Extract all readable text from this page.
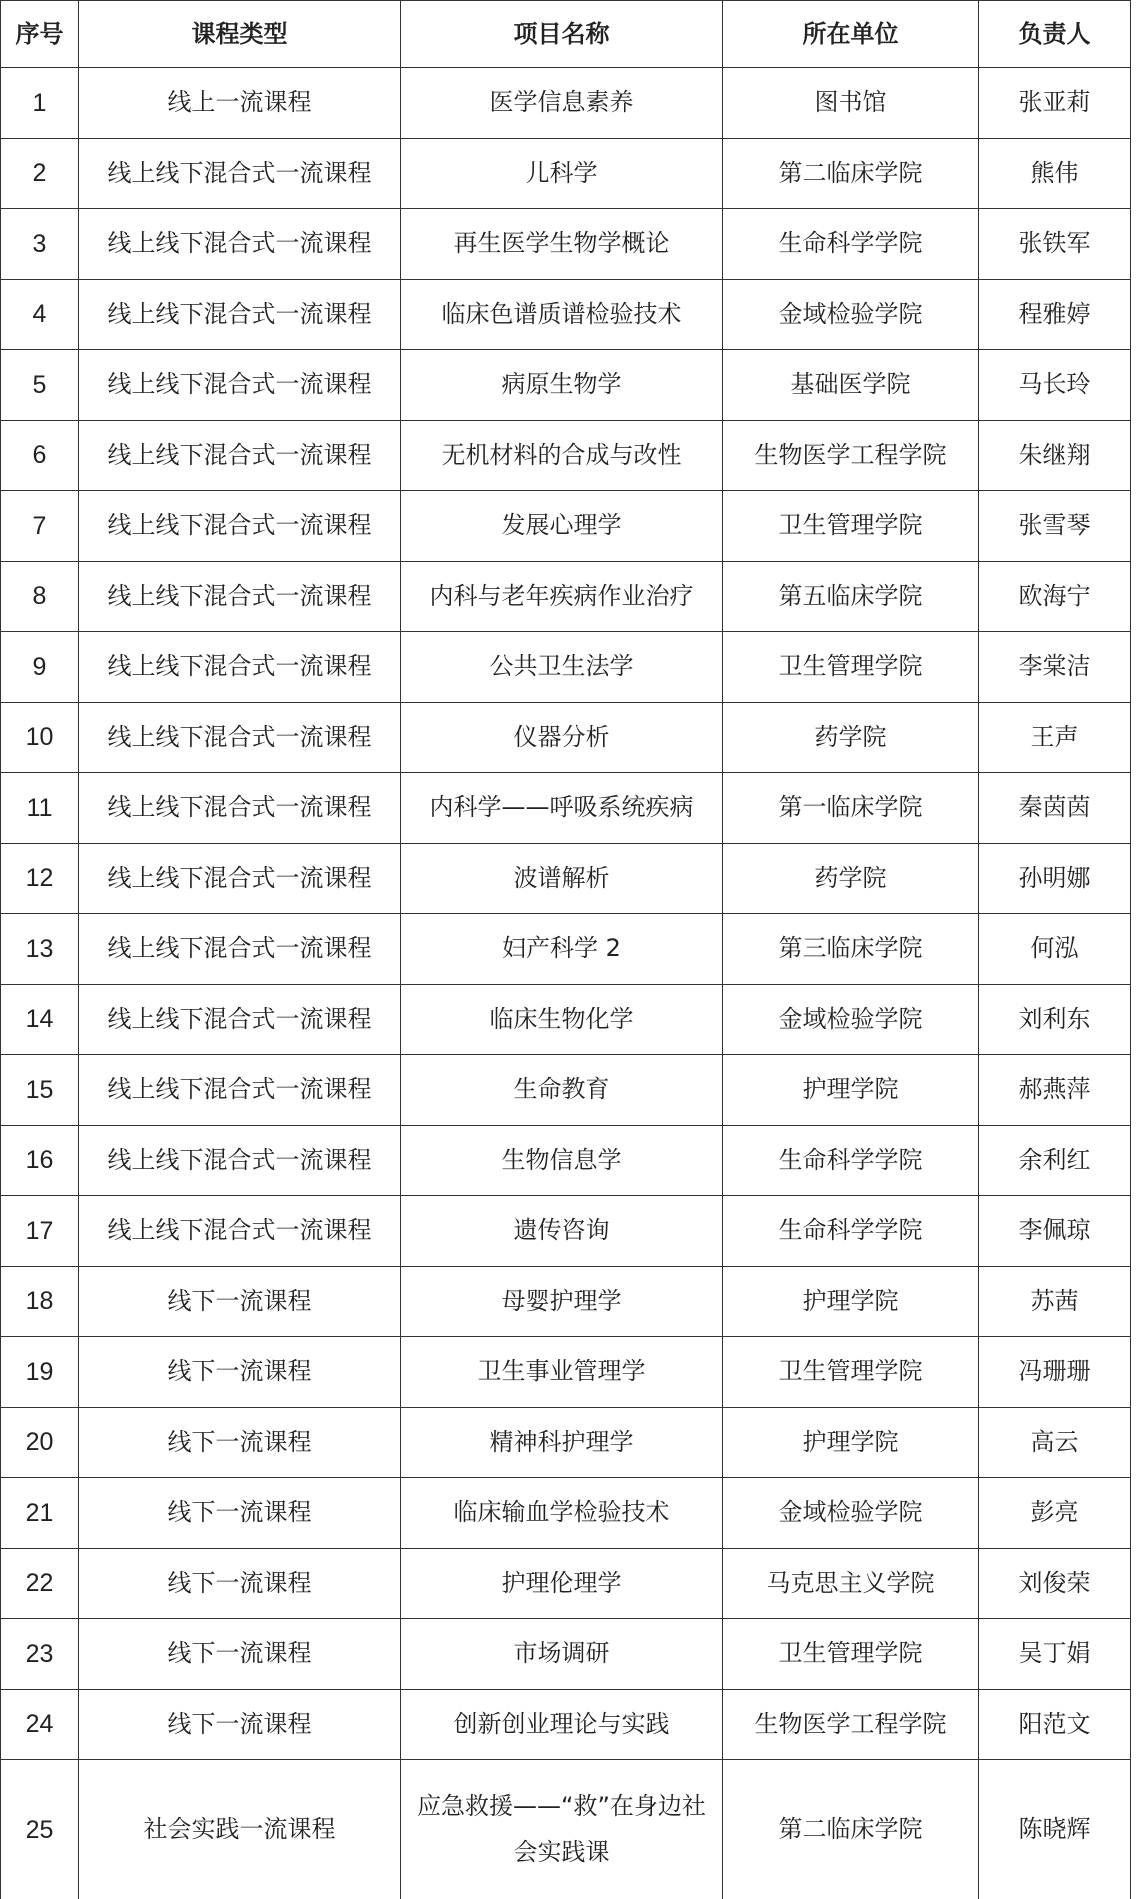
序号	课程类型	项目名称	所在单位	负责人
1	线上一流课程	医学信息素养	图书馆	张亚莉
2	线上线下混合式一流课程	儿科学	第二临床学院	熊伟
3	线上线下混合式一流课程	再生医学生物学概论	生命科学学院	张铁军
4	线上线下混合式一流课程	临床色谱质谱检验技术	金域检验学院	程雅婷
5	线上线下混合式一流课程	病原生物学	基础医学院	马长玲
6	线上线下混合式一流课程	无机材料的合成与改性	生物医学工程学院	朱继翔
7	线上线下混合式一流课程	发展心理学	卫生管理学院	张雪琴
8	线上线下混合式一流课程	内科与老年疾病作业治疗	第五临床学院	欧海宁
9	线上线下混合式一流课程	公共卫生法学	卫生管理学院	李棠洁
10	线上线下混合式一流课程	仪器分析	药学院	王声
11	线上线下混合式一流课程	内科学——呼吸系统疾病	第一临床学院	秦茵茵
12	线上线下混合式一流课程	波谱解析	药学院	孙明娜
13	线上线下混合式一流课程	妇产科学 2	第三临床学院	何泓
14	线上线下混合式一流课程	临床生物化学	金域检验学院	刘利东
15	线上线下混合式一流课程	生命教育	护理学院	郝燕萍
16	线上线下混合式一流课程	生物信息学	生命科学学院	余利红
17	线上线下混合式一流课程	遗传咨询	生命科学学院	李佩琼
18	线下一流课程	母婴护理学	护理学院	苏茜
19	线下一流课程	卫生事业管理学	卫生管理学院	冯珊珊
20	线下一流课程	精神科护理学	护理学院	高云
21	线下一流课程	临床输血学检验技术	金域检验学院	彭亮
22	线下一流课程	护理伦理学	马克思主义学院	刘俊荣
23	线下一流课程	市场调研	卫生管理学院	吴丁娟
24	线下一流课程	创新创业理论与实践	生物医学工程学院	阳范文
25	社会实践一流课程	应急救援——“救”在身边社会实践课	第二临床学院	陈晓辉
